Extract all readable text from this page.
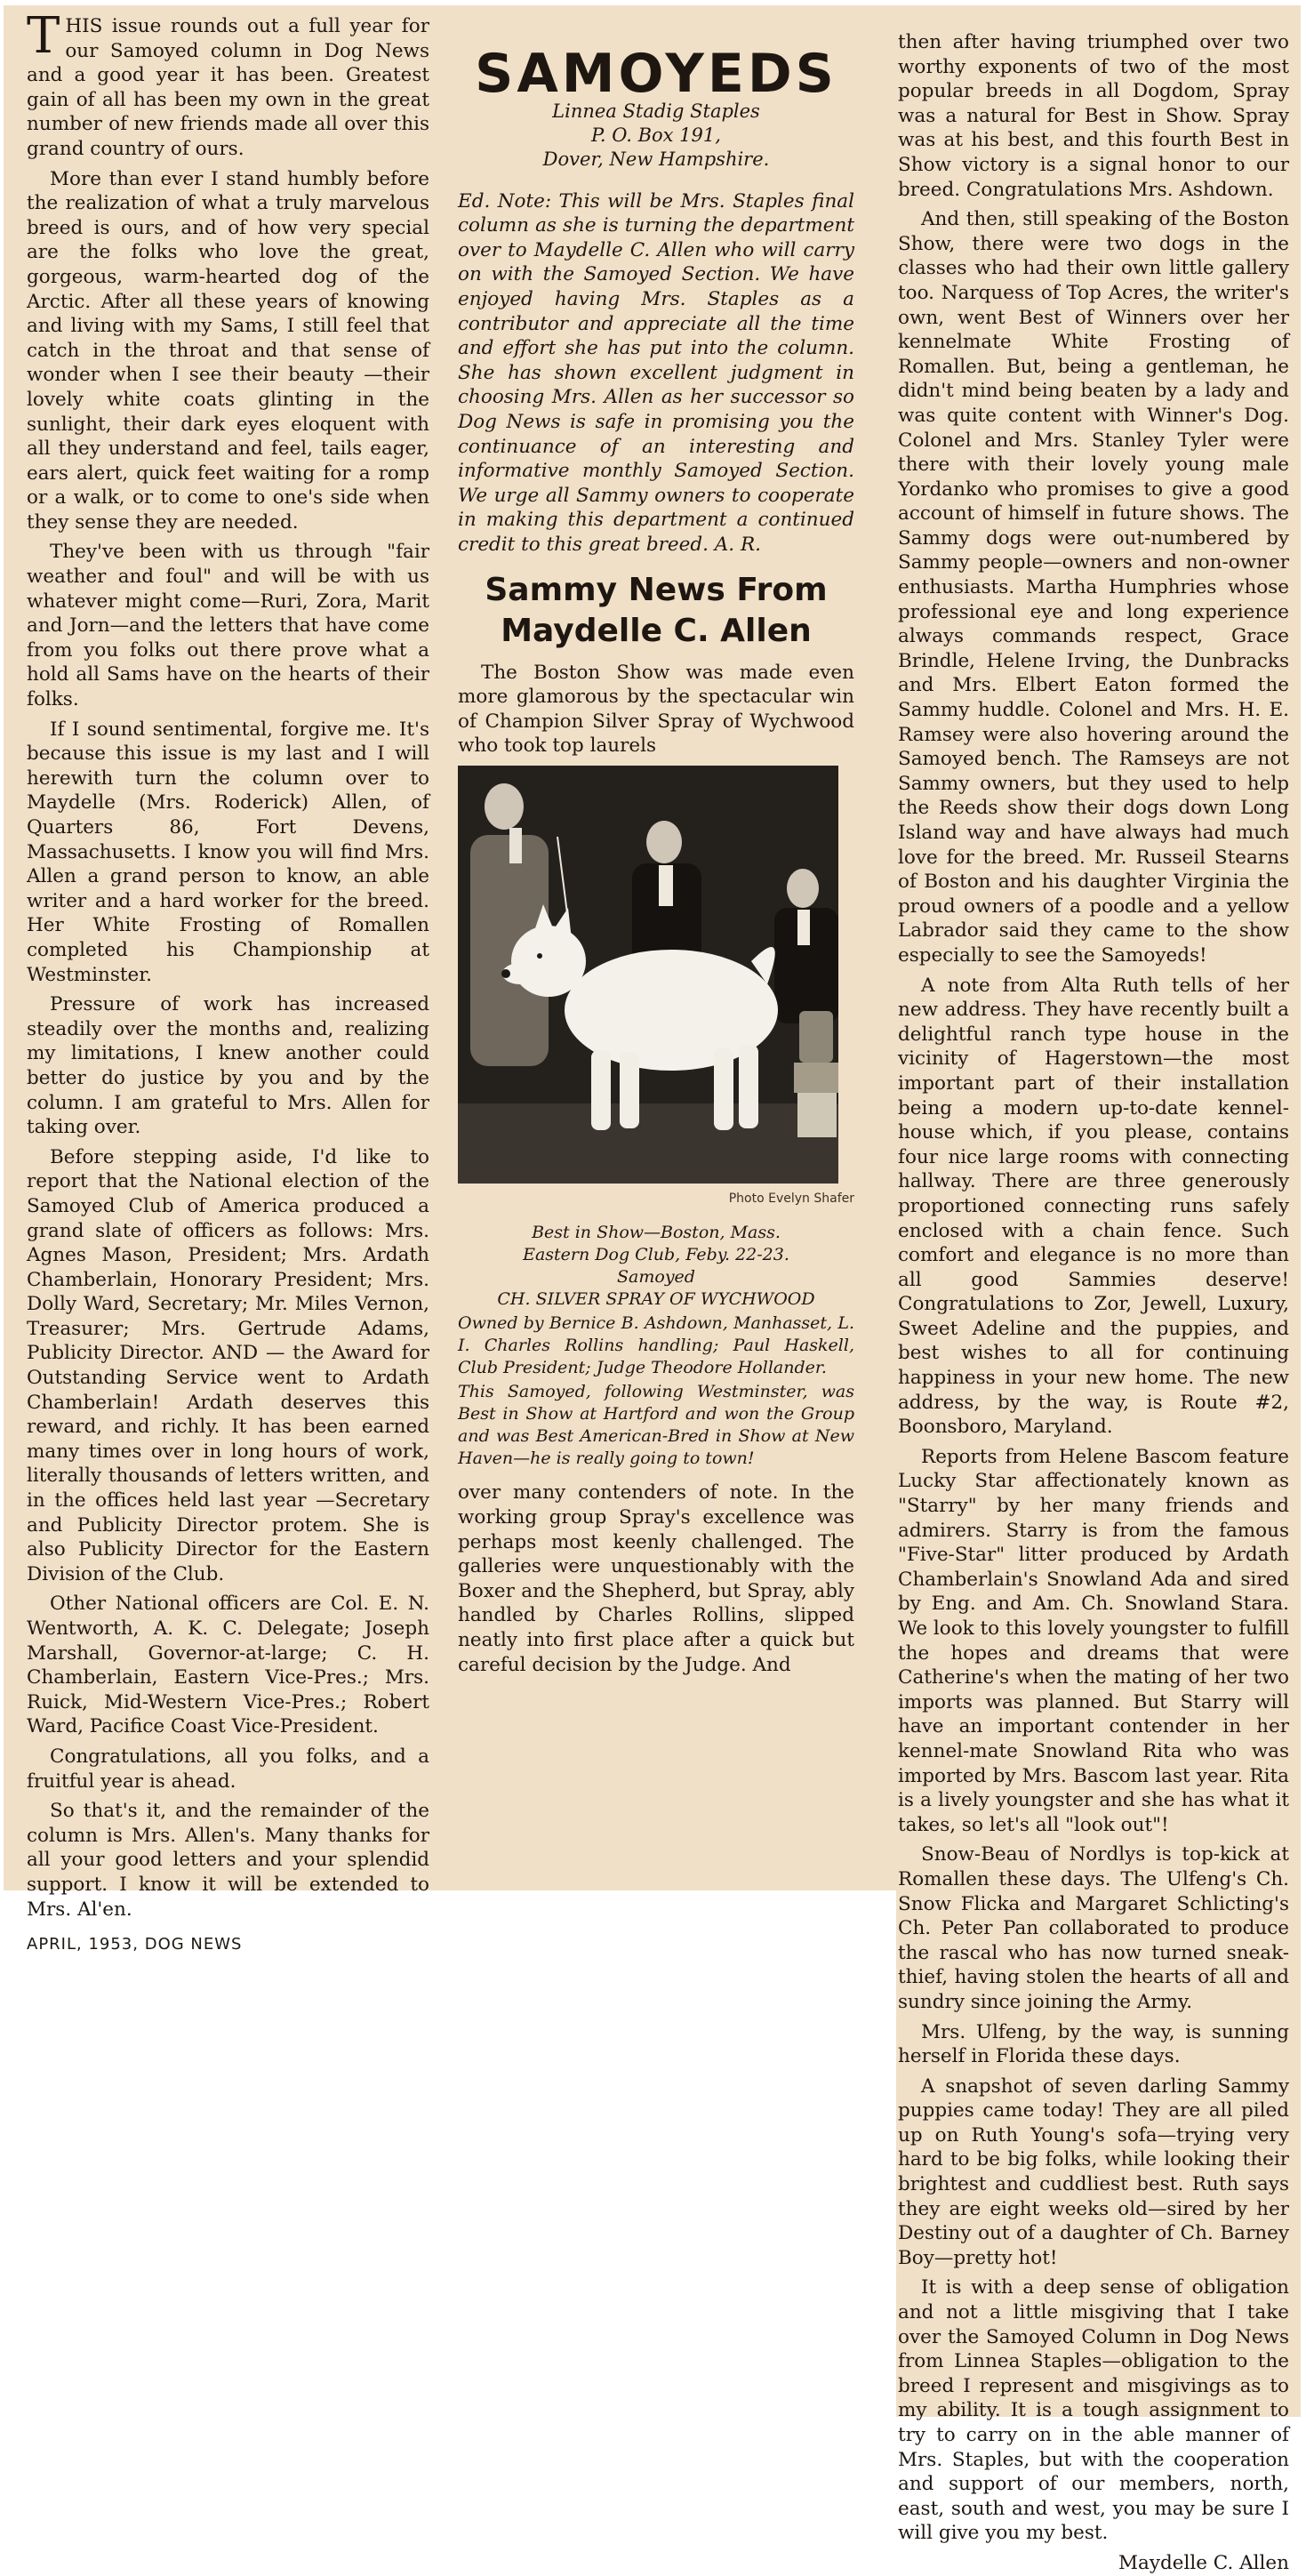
THIS issue rounds out a full year for our Samoyed column in Dog News and a good year it has been. Greatest gain of all has been my own in the great number of new friends made all over this grand country of ours.

More than ever I stand humbly before the realization of what a truly marvelous breed is ours, and of how very special are the folks who love the great, gorgeous, warm-hearted dog of the Arctic. After all these years of knowing and living with my Sams, I still feel that catch in the throat and that sense of wonder when I see their beauty —their lovely white coats glinting in the sunlight, their dark eyes eloquent with all they understand and feel, tails eager, ears alert, quick feet waiting for a romp or a walk, or to come to one's side when they sense they are needed.

They've been with us through "fair weather and foul" and will be with us whatever might come—Ruri, Zora, Marit and Jorn—and the letters that have come from you folks out there prove what a hold all Sams have on the hearts of their folks.

If I sound sentimental, forgive me. It's because this issue is my last and I will herewith turn the column over to Maydelle (Mrs. Roderick) Allen, of Quarters 86, Fort Devens, Massachusetts. I know you will find Mrs. Allen a grand person to know, an able writer and a hard worker for the breed. Her White Frosting of Romallen completed his Championship at Westminster.

Pressure of work has increased steadily over the months and, realizing my limitations, I knew another could better do justice by you and by the column. I am grateful to Mrs. Allen for taking over.

Before stepping aside, I'd like to report that the National election of the Samoyed Club of America produced a grand slate of officers as follows: Mrs. Agnes Mason, President; Mrs. Ardath Chamberlain, Honorary President; Mrs. Dolly Ward, Secretary; Mr. Miles Vernon, Treasurer; Mrs. Gertrude Adams, Publicity Director. AND — the Award for Outstanding Service went to Ardath Chamberlain! Ardath deserves this reward, and richly. It has been earned many times over in long hours of work, literally thousands of letters written, and in the offices held last year —Secretary and Publicity Director protem. She is also Publicity Director for the Eastern Division of the Club.

Other National officers are Col. E. N. Wentworth, A. K. C. Delegate; Joseph Marshall, Governor-at-large; C. H. Chamberlain, Eastern Vice-Pres.; Mrs. Ruick, Mid-Western Vice-Pres.; Robert Ward, Pacifice Coast Vice-President.

Congratulations, all you folks, and a fruitful year is ahead.

So that's it, and the remainder of the column is Mrs. Allen's. Many thanks for all your good letters and your splendid support. I know it will be extended to Mrs. Al'en.

APRIL, 1953, DOG NEWS
SAMOYEDS
Linnea Stadig Staples
P. O. Box 191,
Dover, New Hampshire.

Ed. Note: This will be Mrs. Staples final column as she is turning the department over to Maydelle C. Allen who will carry on with the Samoyed Section. We have enjoyed having Mrs. Staples as a contributor and appreciate all the time and effort she has put into the column. She has shown excellent judgment in choosing Mrs. Allen as her successor so Dog News is safe in promising you the continuance of an interesting and informative monthly Samoyed Section. We urge all Sammy owners to cooperate in making this department a continued credit to this great breed. A. R.

Sammy News From
Maydelle C. Allen

The Boston Show was made even more glamorous by the spectacular win of Champion Silver Spray of Wychwood who took top laurels

Photo Evelyn Shafer
Best in Show—Boston, Mass.
Eastern Dog Club, Feby. 22-23.
Samoyed
CH. SILVER SPRAY OF WYCHWOOD
Owned by Bernice B. Ashdown, Manhasset, L. I. Charles Rollins handling; Paul Haskell, Club President; Judge Theodore Hollander.
This Samoyed, following Westminster, was Best in Show at Hartford and won the Group and was Best American-Bred in Show at New Haven—he is really going to town!

over many contenders of note. In the working group Spray's excellence was perhaps most keenly challenged. The galleries were unquestionably with the Boxer and the Shepherd, but Spray, ably handled by Charles Rollins, slipped neatly into first place after a quick but careful decision by the Judge. And

then after having triumphed over two worthy exponents of two of the most popular breeds in all Dogdom, Spray was a natural for Best in Show. Spray was at his best, and this fourth Best in Show victory is a signal honor to our breed. Congratulations Mrs. Ashdown.

And then, still speaking of the Boston Show, there were two dogs in the classes who had their own little gallery too. Narquess of Top Acres, the writer's own, went Best of Winners over her kennelmate White Frosting of Romallen. But, being a gentleman, he didn't mind being beaten by a lady and was quite content with Winner's Dog. Colonel and Mrs. Stanley Tyler were there with their lovely young male Yordanko who promises to give a good account of himself in future shows. The Sammy dogs were out-numbered by Sammy people—owners and non-owner enthusiasts. Martha Humphries whose professional eye and long experience always commands respect, Grace Brindle, Helene Irving, the Dunbracks and Mrs. Elbert Eaton formed the Sammy huddle. Colonel and Mrs. H. E. Ramsey were also hovering around the Samoyed bench. The Ramseys are not Sammy owners, but they used to help the Reeds show their dogs down Long Island way and have always had much love for the breed. Mr. Russeil Stearns of Boston and his daughter Virginia the proud owners of a poodle and a yellow Labrador said they came to the show especially to see the Samoyeds!

A note from Alta Ruth tells of her new address. They have recently built a delightful ranch type house in the vicinity of Hagerstown—the most important part of their installation being a modern up-to-date kennel-house which, if you please, contains four nice large rooms with connecting hallway. There are three generously proportioned connecting runs safely enclosed with a chain fence. Such comfort and elegance is no more than all good Sammies deserve! Congratulations to Zor, Jewell, Luxury, Sweet Adeline and the puppies, and best wishes to all for continuing happiness in your new home. The new address, by the way, is Route #2, Boonsboro, Maryland.

Reports from Helene Bascom feature Lucky Star affectionately known as "Starry" by her many friends and admirers. Starry is from the famous "Five-Star" litter produced by Ardath Chamberlain's Snowland Ada and sired by Eng. and Am. Ch. Snowland Stara. We look to this lovely youngster to fulfill the hopes and dreams that were Catherine's when the mating of her two imports was planned. But Starry will have an important contender in her kennel-mate Snowland Rita who was imported by Mrs. Bascom last year. Rita is a lively youngster and she has what it takes, so let's all "look out"!

Snow-Beau of Nordlys is top-kick at Romallen these days. The Ulfeng's Ch. Snow Flicka and Margaret Schlicting's Ch. Peter Pan collaborated to produce the rascal who has now turned sneak-thief, having stolen the hearts of all and sundry since joining the Army.

Mrs. Ulfeng, by the way, is sunning herself in Florida these days.

A snapshot of seven darling Sammy puppies came today! They are all piled up on Ruth Young's sofa—trying very hard to be big folks, while looking their brightest and cuddliest best. Ruth says they are eight weeks old—sired by her Destiny out of a daughter of Ch. Barney Boy—pretty hot!

It is with a deep sense of obligation and not a little misgiving that I take over the Samoyed Column in Dog News from Linnea Staples—obligation to the breed I represent and misgivings as to my ability. It is a tough assignment to try to carry on in the able manner of Mrs. Staples, but with the cooperation and support of our members, north, east, south and west, you may be sure I will give you my best.

Maydelle C. Allen
